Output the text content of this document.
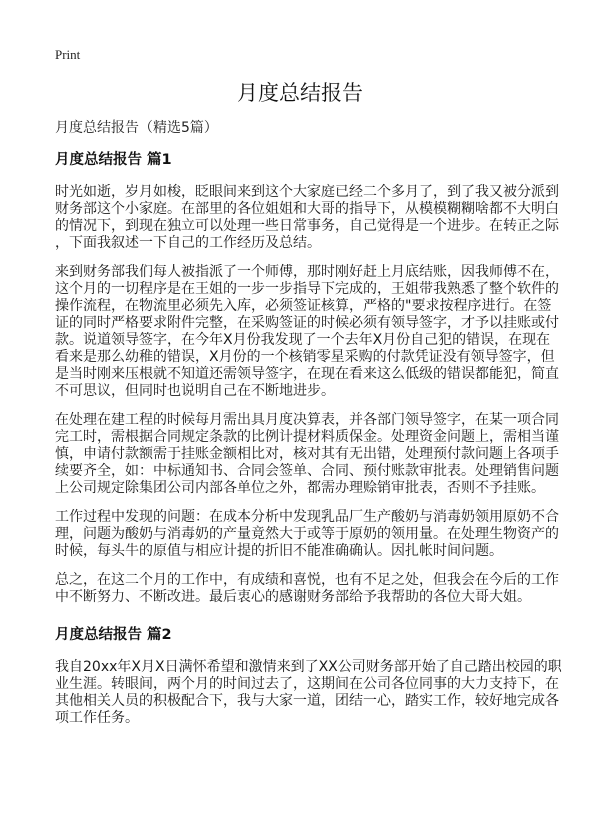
Print
月度总结报告
月度总结报告（精选5篇）
月度总结报告 篇1
时光如逝，岁月如梭，眨眼间来到这个大家庭已经二个多月了，到了我又被分派到
财务部这个小家庭。在部里的各位姐姐和大哥的指导下，从模模糊糊啥都不大明白
的情况下，到现在独立可以处理一些日常事务，自己觉得是一个进步。在转正之际
，下面我叙述一下自己的工作经历及总结。
来到财务部我们每人被指派了一个师傅，那时刚好赶上月底结账，因我师傅不在，
这个月的一切程序是在王姐的一步一步指导下完成的，王姐带我熟悉了整个软件的
操作流程，在物流里必须先入库，必须签证核算，严格的"要求按程序进行。在签
证的同时严格要求附件完整，在采购签证的时候必须有领导签字，才予以挂账或付
款。说道领导签字，在今年X月份我发现了一个去年X月份自己犯的错误，在现在
看来是那么幼稚的错误，X月份的一个核销零星采购的付款凭证没有领导签字，但
是当时刚来压根就不知道还需领导签字，在现在看来这么低级的错误都能犯，简直
不可思议，但同时也说明自己在不断地进步。
在处理在建工程的时候每月需出具月度决算表，并各部门领导签字，在某一项合同
完工时，需根据合同规定条款的比例计提材料质保金。处理资金问题上，需相当谨
慎，申请付款额需于挂账金额相比对，核对其有无出错，处理预付款问题上各项手
续要齐全，如：中标通知书、合同会签单、合同、预付账款审批表。处理销售问题
上公司规定除集团公司内部各单位之外，都需办理赊销审批表，否则不予挂账。
工作过程中发现的问题：在成本分析中发现乳品厂生产酸奶与消毒奶领用原奶不合
理，问题为酸奶与消毒奶的产量竟然大于或等于原奶的领用量。在处理生物资产的
时候，每头牛的原值与相应计提的折旧不能准确确认。因扎帐时间问题。
总之，在这二个月的工作中，有成绩和喜悦，也有不足之处，但我会在今后的工作
中不断努力、不断改进。最后衷心的感谢财务部给予我帮助的各位大哥大姐。
月度总结报告 篇2
我自20xx年X月X日满怀希望和激情来到了XX公司财务部开始了自己踏出校园的职
业生涯。转眼间，两个月的时间过去了，这期间在公司各位同事的大力支持下，在
其他相关人员的积极配合下，我与大家一道，团结一心，踏实工作，较好地完成各
项工作任务。
